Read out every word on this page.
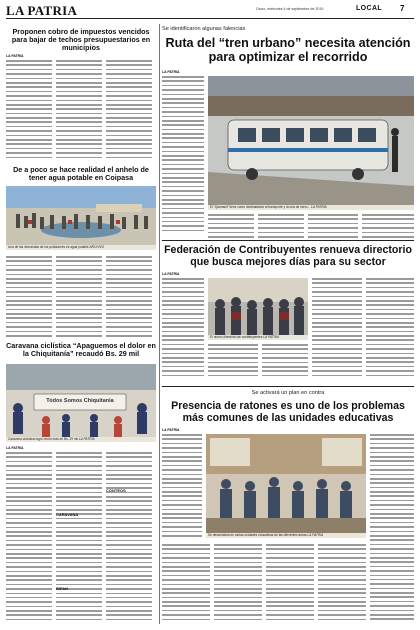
LA PATRIA	Oruro, miércoles 4 de septiembre de 2019	LOCAL 7
Proponen cobro de impuestos vencidos para bajar de techos presupuestarios en municipios
LA PATRIA
De a poco se hace realidad el anhelo de tener agua potable en Coipasa
Una de las demandas de los pobladores es agua potable ARCHIVO
Caravana ciclística “Apaguemos el dolor en la Chiquitanía” recaudó Bs. 29 mil
Todos Somos Chiquitania
Caravana ciclística logró reunir más de Bs. 29 mil LA PATRIA
LA PATRIA
CARAVANA
CONTEOS
BIFAN
Se identificaron algunas falencias
Ruta del “tren urbano” necesita atención para optimizar el recorrido
LA PATRIA
El “Qamasiri” tiene como destinatarios al transporte y la ruta de cerro... LA PATRIA
Federación de Contribuyentes renueva directorio que busca mejores días para su sector
LA PATRIA
El nuevo directorio de contribuyentes LA PATRIA
Se activará un plan en contra
Presencia de ratones es uno de los problemas más comunes de las unidades educativas
LA PATRIA
Se desarrollará en varias unidades educativas de las diferentes áreas LA PATRIA
